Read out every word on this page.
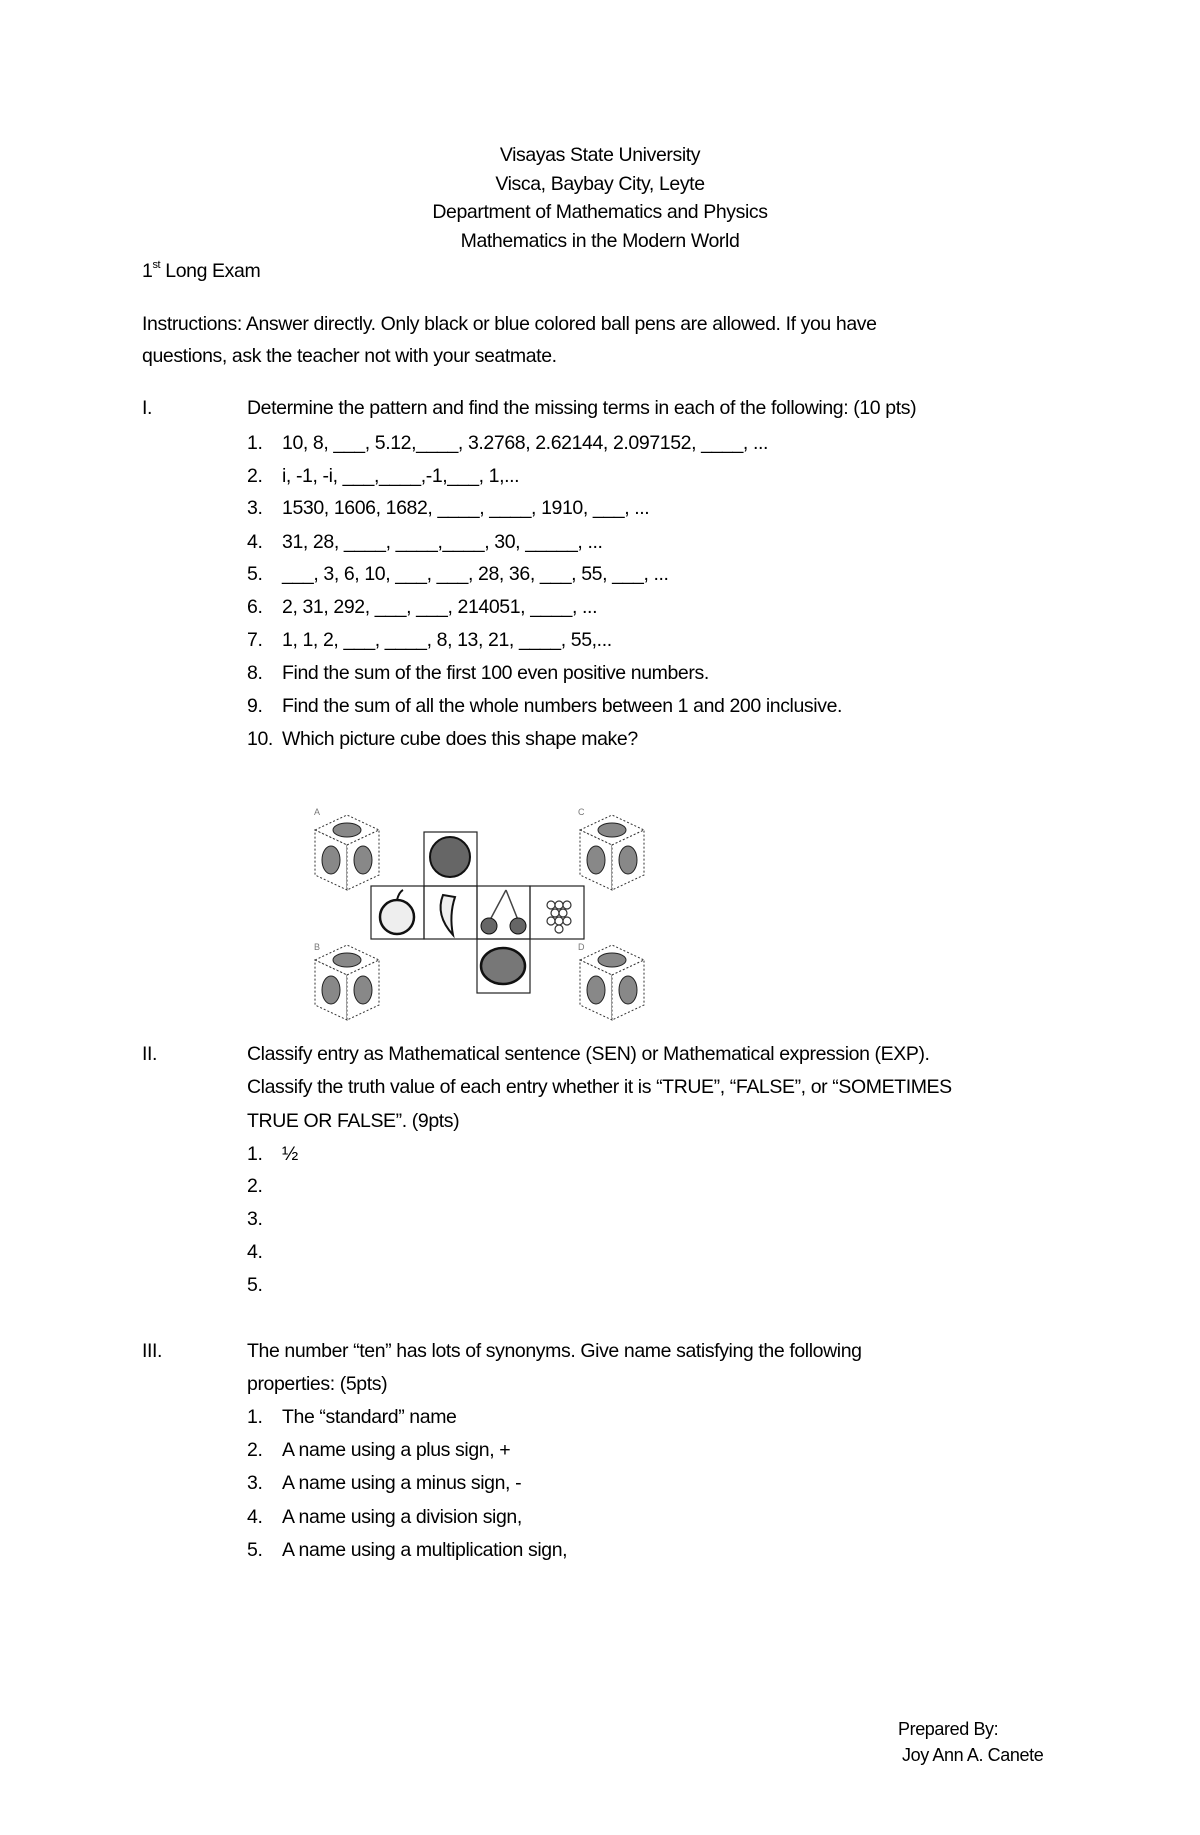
Visayas State University
Visca, Baybay City, Leyte
Department of Mathematics and Physics
Mathematics in the Modern World
1st Long Exam
Instructions: Answer directly. Only black or blue colored ball pens are allowed. If you have
questions, ask the teacher not with your seatmate.
I.	Determine the pattern and find the missing terms in each of the following: (10 pts)
1. 10, 8, ___, 5.12,____, 3.2768, 2.62144, 2.097152, ____, ...
2. i, -1, -i, ___,____,-1,___, 1,...
3. 1530, 1606, 1682, ____, ____, 1910, ___, ...
4. 31, 28, ____, ____,____, 30, _____, ...
5. ___, 3, 6, 10, ___, ___, 28, 36, ___, 55, ___, ...
6. 2, 31, 292, ___, ___, 214051, ____, ...
7. 1, 1, 2, ___, ____, 8, 13, 21, ____, 55,...
8. Find the sum of the first 100 even positive numbers.
9. Find the sum of all the whole numbers between 1 and 200 inclusive.
10. Which picture cube does this shape make?
A
B
C
D
II.	Classify entry as Mathematical sentence (SEN) or Mathematical expression (EXP).
Classify the truth value of each entry whether it is “TRUE”, “FALSE”, or “SOMETIMES
TRUE OR FALSE”. (9pts)
1. ½
2.
3.
4.
5.
III.	The number “ten” has lots of synonyms. Give name satisfying the following
properties: (5pts)
1. The “standard” name
2. A name using a plus sign, +
3. A name using a minus sign, -
4. A name using a division sign,
5. A name using a multiplication sign,
Prepared By:
Joy Ann A. Canete
